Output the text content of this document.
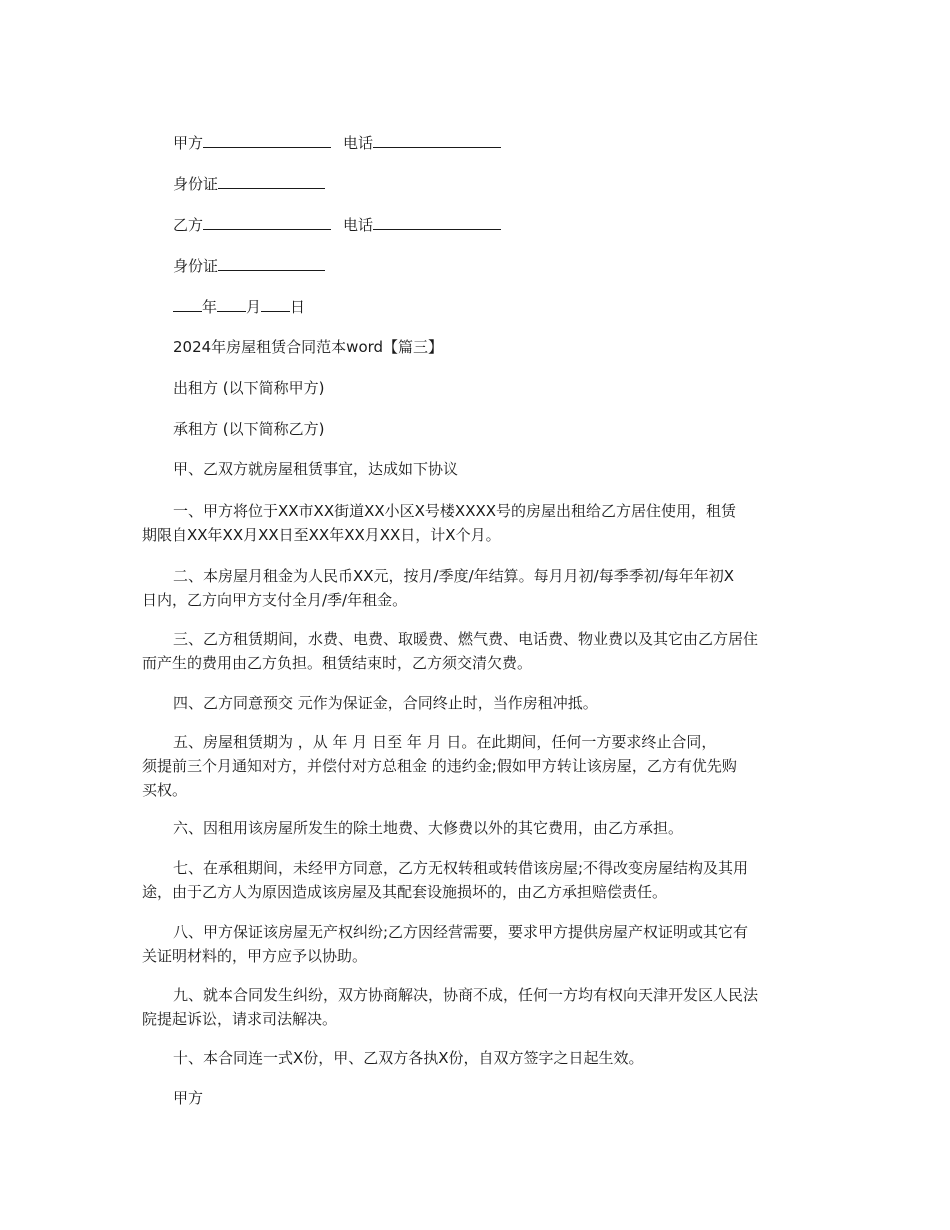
甲方	电话
身份证
乙方	电话
身份证
年 月 日
2024年房屋租赁合同范本word【篇三】
出租方 (以下简称甲方)
承租方 (以下简称乙方)
甲、乙双方就房屋租赁事宜，达成如下协议
一、甲方将位于XX市XX街道XX小区X号楼XXXX号的房屋出租给乙方居住使用，租赁
期限自XX年XX月XX日至XX年XX月XX日，计X个月。
二、本房屋月租金为人民币XX元，按月/季度/年结算。每月月初/每季季初/每年年初X
日内，乙方向甲方支付全月/季/年租金。
三、乙方租赁期间，水费、电费、取暖费、燃气费、电话费、物业费以及其它由乙方居住
而产生的费用由乙方负担。租赁结束时，乙方须交清欠费。
四、乙方同意预交 元作为保证金，合同终止时，当作房租冲抵。
五、房屋租赁期为 ，从 年 月 日至 年 月 日。在此期间，任何一方要求终止合同，
须提前三个月通知对方，并偿付对方总租金 的违约金;假如甲方转让该房屋，乙方有优先购
买权。
六、因租用该房屋所发生的除土地费、大修费以外的其它费用，由乙方承担。
七、在承租期间，未经甲方同意，乙方无权转租或转借该房屋;不得改变房屋结构及其用
途，由于乙方人为原因造成该房屋及其配套设施损坏的，由乙方承担赔偿责任。
八、甲方保证该房屋无产权纠纷;乙方因经营需要，要求甲方提供房屋产权证明或其它有
关证明材料的，甲方应予以协助。
九、就本合同发生纠纷，双方协商解决，协商不成，任何一方均有权向天津开发区人民法
院提起诉讼，请求司法解决。
十、本合同连一式X份，甲、乙双方各执X份，自双方签字之日起生效。
甲方
